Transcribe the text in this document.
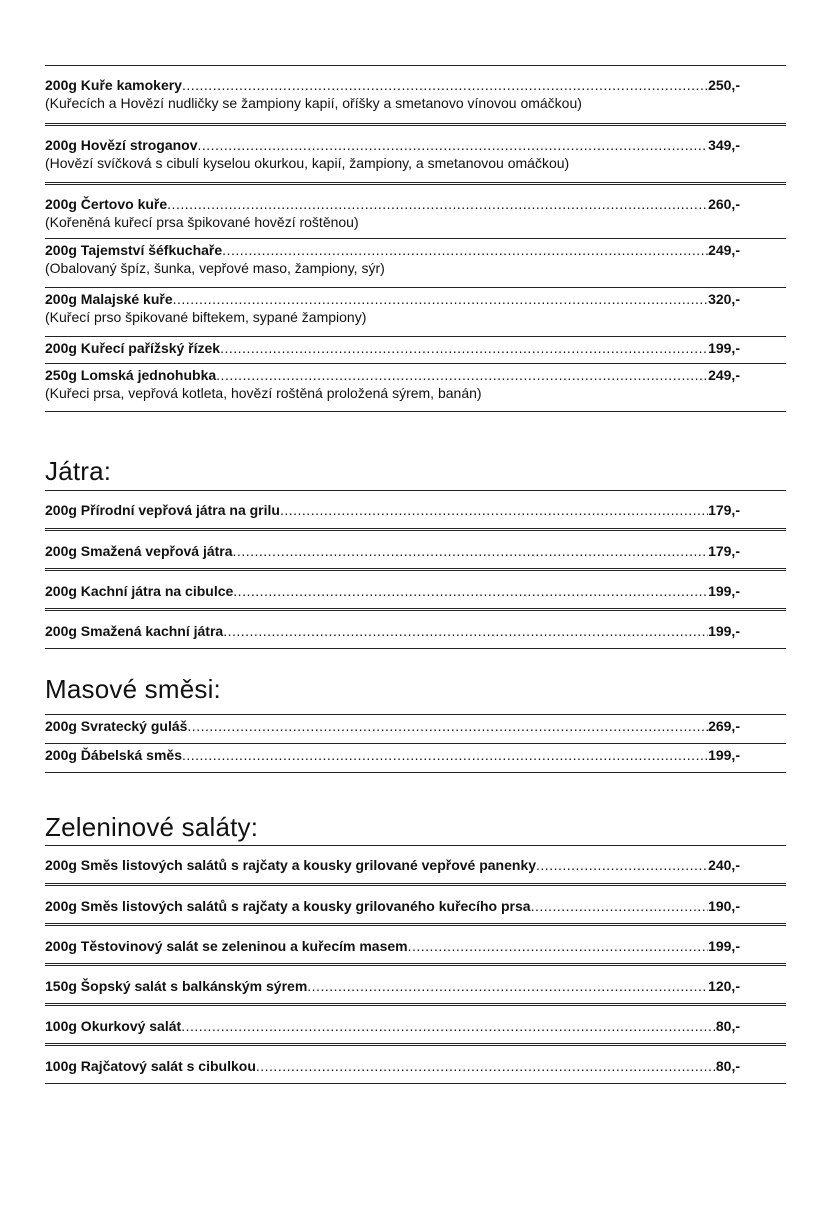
200g Kuře kamokery .....	250,-
(Kuřecích a Hovězí nudličky se žampiony kapií, oříšky a smetanovo vínovou omáčkou)
200g Hovězí stroganov .....	349,-
(Hovězí svíčková s cibulí kyselou okurkou, kapií, žampiony, a smetanovou omáčkou)
200g Čertovo kuře .....	260,-
(Kořeněná kuřecí prsa špikované hovězí roštěnou)
200g Tajemství šéfkuchaře .....	249,-
(Obalovaný špíz, šunka, vepřové maso, žampiony, sýr)
200g Malajské kuře .....	320,-
(Kuřecí prso špikované biftekem, sypané žampiony)
200g Kuřecí pařížský řízek .....	199,-
250g Lomská jednohubka .....	249,-
(Kuřeci prsa, vepřová kotleta, hovězí roštěná proložená sýrem, banán)
Játra:
200g Přírodní vepřová játra na grilu .....	179,-
200g Smažená vepřová játra .....	179,-
200g Kachní játra na cibulce .....	199,-
200g Smažená kachní játra .....	199,-
Masové směsi:
200g Svratecký guláš .....	269,-
200g Ďábelská směs .....	199,-
Zeleninové saláty:
200g Směs listových salátů s rajčaty a kousky grilované vepřové panenky .....	240,-
200g Směs listových salátů s rajčaty a kousky grilovaného kuřecího prsa .....	190,-
200g Těstovinový salát se zeleninou a kuřecím masem .....	199,-
150g Šopský salát s balkánským sýrem .....	120,-
100g Okurkový salát .....	80,-
100g Rajčatový salát s cibulkou .....	80,-
